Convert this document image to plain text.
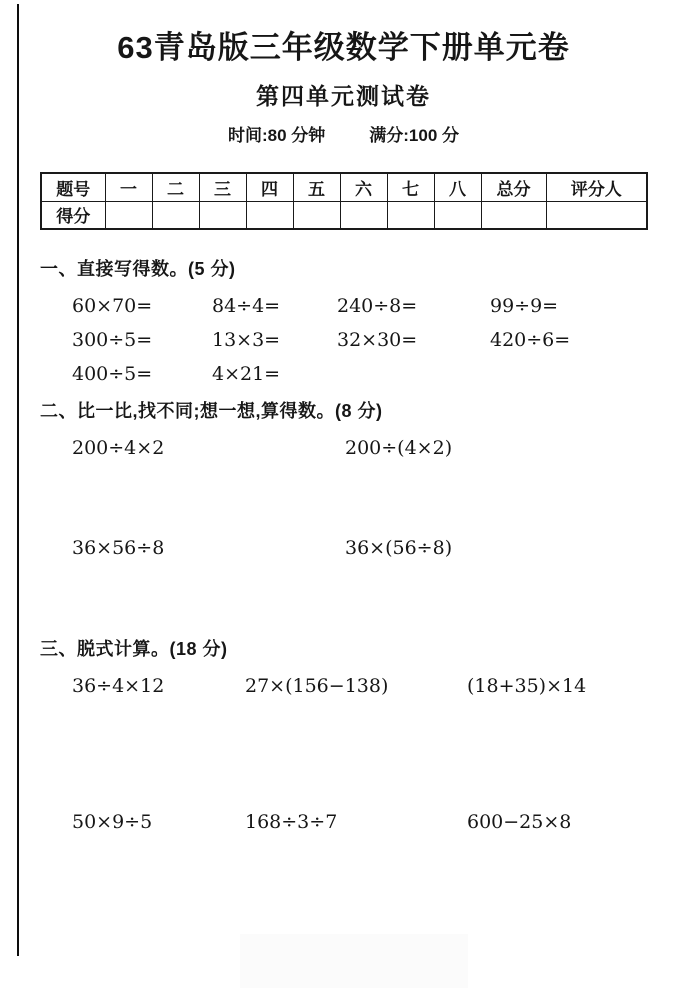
63青岛版三年级数学下册单元卷
第四单元测试卷
时间:80 分钟	满分:100 分
题号	一	二	三	四	五	六	七	八	总分	评分人
得分										
一、直接写得数。(5 分)
60×70=	84÷4=	240÷8=	99÷9=
300÷5=	13×3=	32×30=	420÷6=
400÷5=	4×21=
二、比一比,找不同;想一想,算得数。(8 分)
200÷4×2	200÷(4×2)
36×56÷8	36×(56÷8)
三、脱式计算。(18 分)
36÷4×12	27×(156−138)	(18+35)×14
50×9÷5	168÷3÷7	600−25×8
